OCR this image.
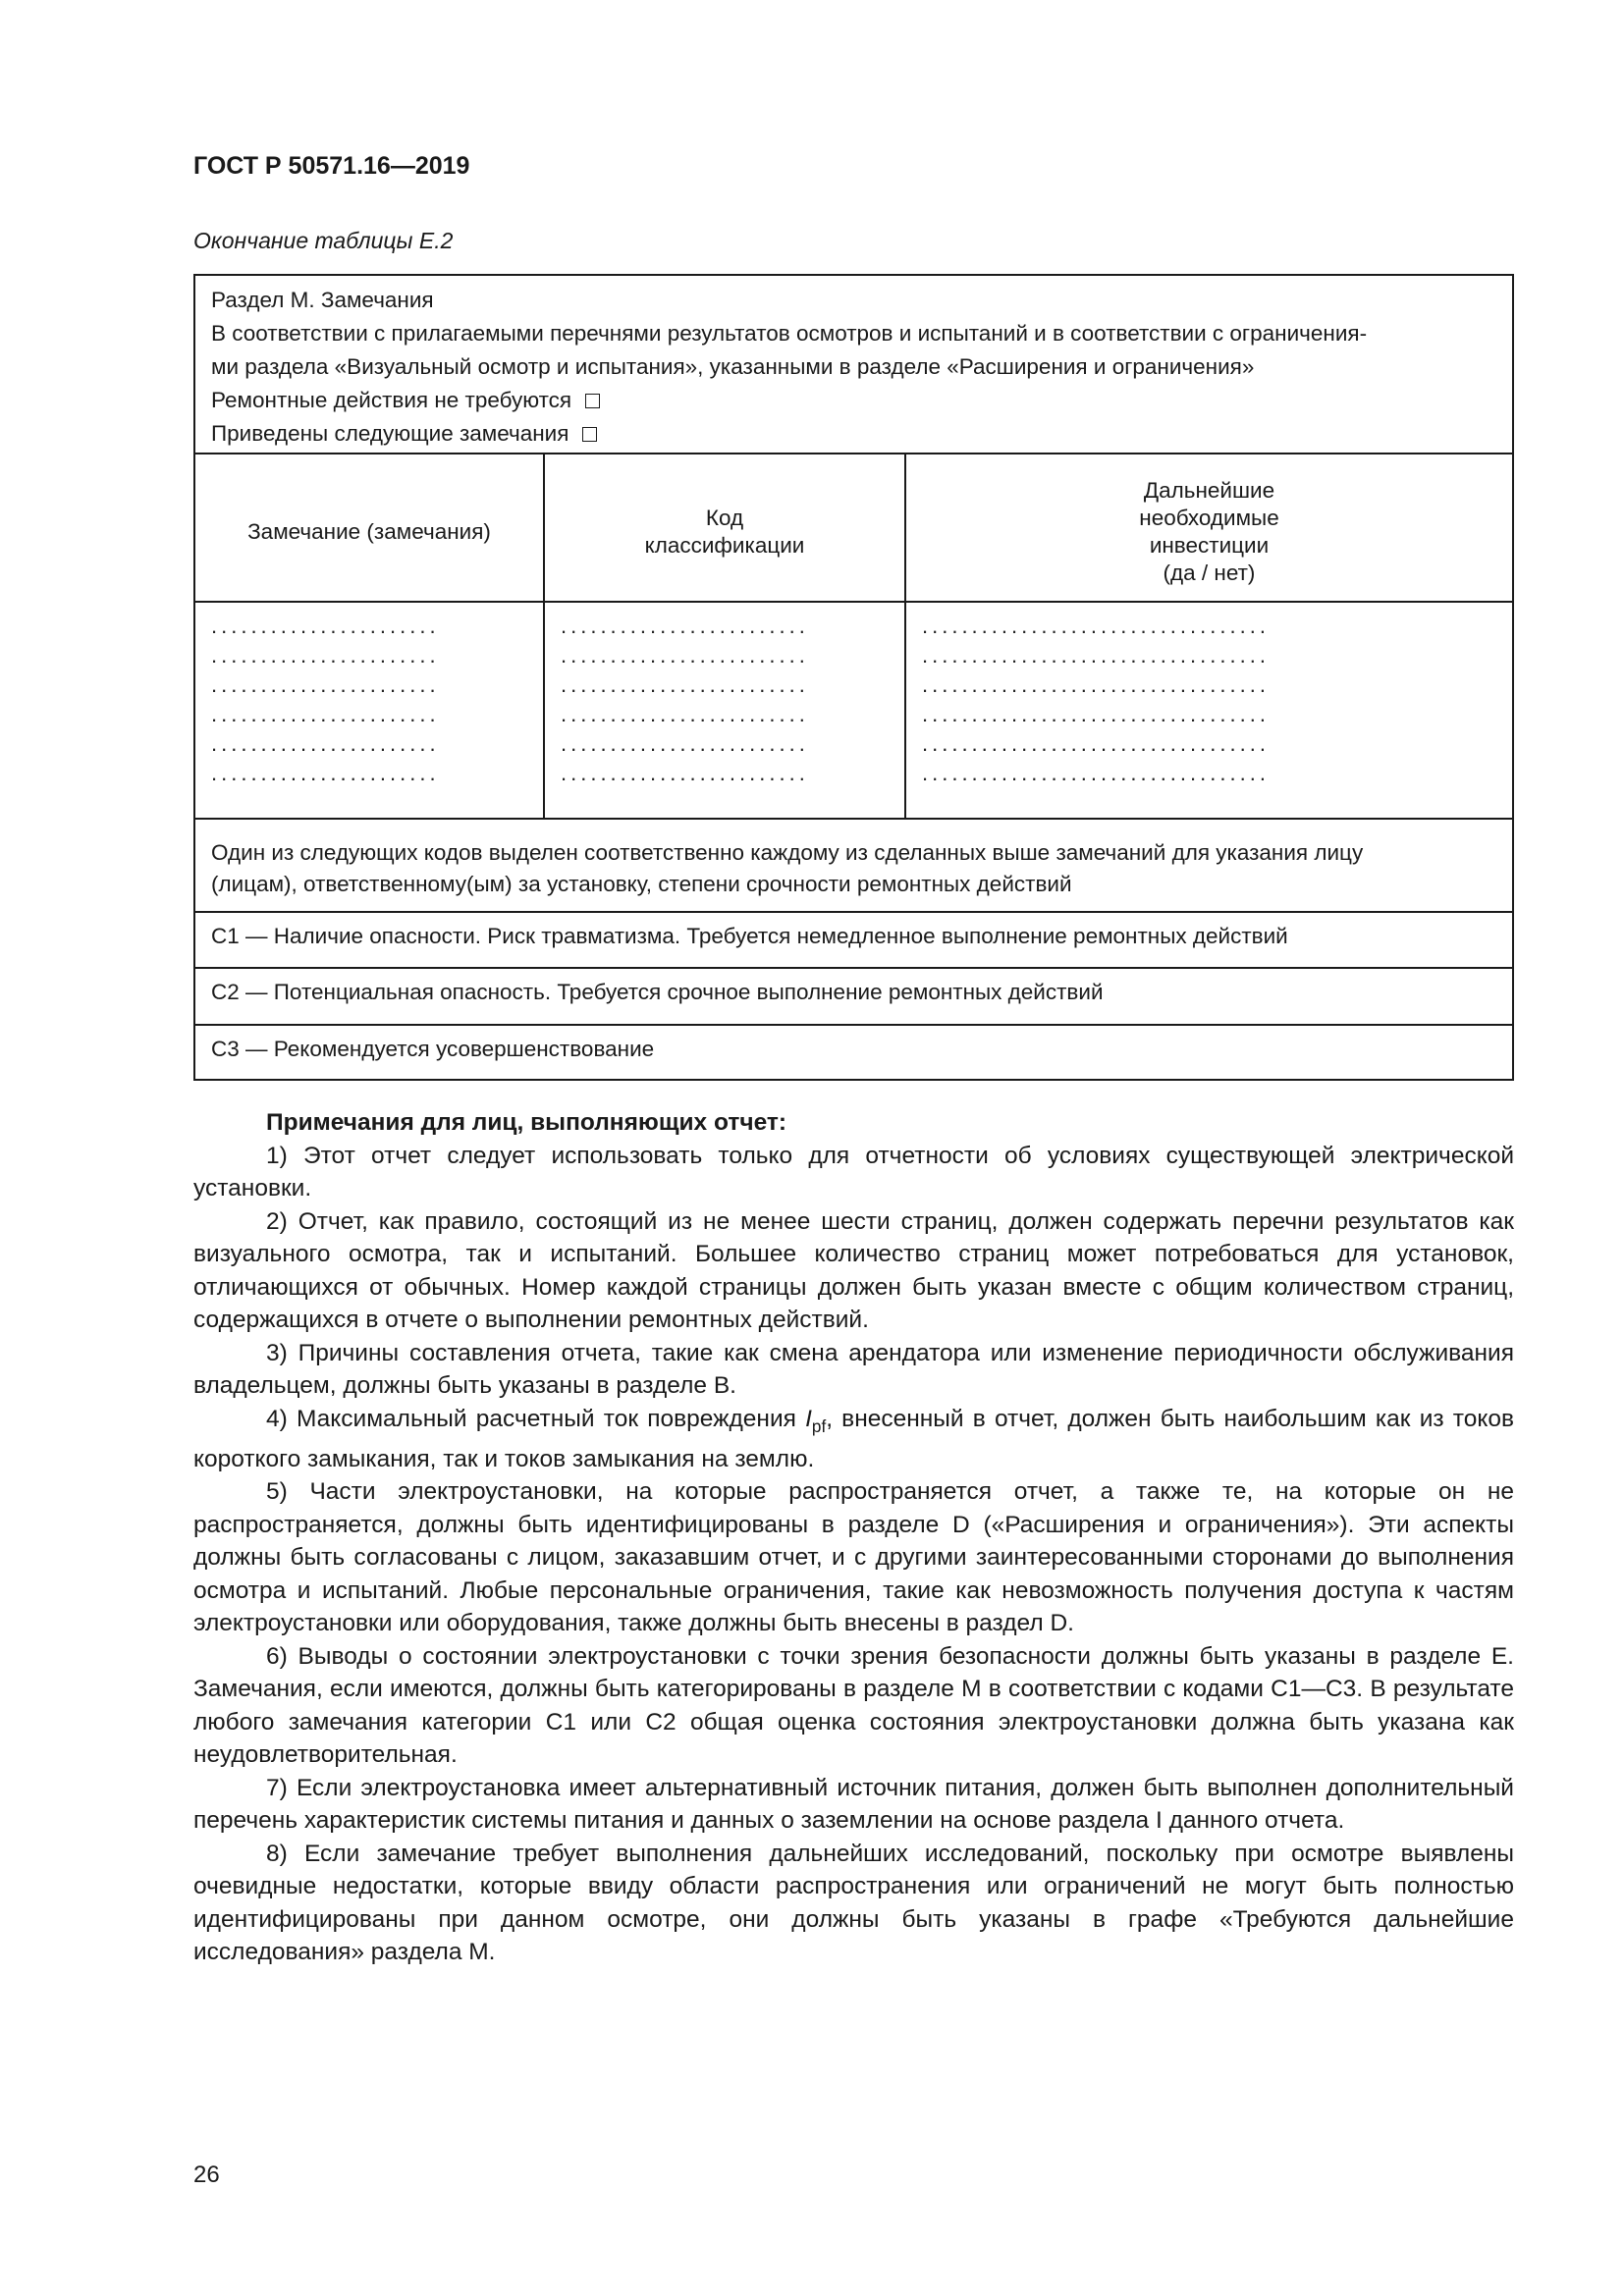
ГОСТ Р 50571.16—2019
Окончание таблицы Е.2
Раздел М. Замечания
В соответствии с прилагаемыми перечнями результатов осмотров и испытаний и в соответствии с ограничения-
ми раздела «Визуальный осмотр и испытания», указанными в разделе «Расширения и ограничения»
Ремонтные действия не требуются
Приведены следующие замечания
Замечание (замечания)
Код
классификации
Дальнейшие
необходимые
инвестиции
(да / нет)
.......................
.......................
.......................
.......................
.......................
.......................
.........................
.........................
.........................
.........................
.........................
.........................
...................................
...................................
...................................
...................................
...................................
...................................
Один из следующих кодов выделен соответственно каждому из сделанных выше замечаний для указания лицу
(лицам), ответственному(ым) за установку, степени срочности ремонтных действий
С1 — Наличие опасности. Риск травматизма. Требуется немедленное выполнение ремонтных действий
С2 — Потенциальная опасность. Требуется срочное выполнение ремонтных действий
С3 — Рекомендуется усовершенствование
Примечания для лиц, выполняющих отчет:

1) Этот отчет следует использовать только для отчетности об условиях существующей электрической установки.

2) Отчет, как правило, состоящий из не менее шести страниц, должен содержать перечни результатов как визуального осмотра, так и испытаний. Большее количество страниц может потребоваться для установок, отличающихся от обычных. Номер каждой страницы должен быть указан вместе с общим количеством страниц, содержащихся в отчете о выполнении ремонтных действий.

3) Причины составления отчета, такие как смена арендатора или изменение периодичности обслуживания владельцем, должны быть указаны в разделе В.

4) Максимальный расчетный ток повреждения $I_{pf}$, внесенный в отчет, должен быть наибольшим как из токов короткого замыкания, так и токов замыкания на землю.

5) Части электроустановки, на которые распространяется отчет, а также те, на которые он не распространяется, должны быть идентифицированы в разделе D («Расширения и ограничения»). Эти аспекты должны быть согласованы с лицом, заказавшим отчет, и с другими заинтересованными сторонами до выполнения осмотра и испытаний. Любые персональные ограничения, такие как невозможность получения доступа к частям электроустановки или оборудования, также должны быть внесены в раздел D.

6) Выводы о состоянии электроустановки с точки зрения безопасности должны быть указаны в разделе Е. Замечания, если имеются, должны быть категорированы в разделе М в соответствии с кодами С1—С3. В результате любого замечания категории С1 или С2 общая оценка состояния электроустановки должна быть указана как неудовлетворительная.

7) Если электроустановка имеет альтернативный источник питания, должен быть выполнен дополнительный перечень характеристик системы питания и данных о заземлении на основе раздела I данного отчета.

8) Если замечание требует выполнения дальнейших исследований, поскольку при осмотре выявлены очевидные недостатки, которые ввиду области распространения или ограничений не могут быть полностью идентифицированы при данном осмотре, они должны быть указаны в графе «Требуются дальнейшие исследования» раздела М.

26
